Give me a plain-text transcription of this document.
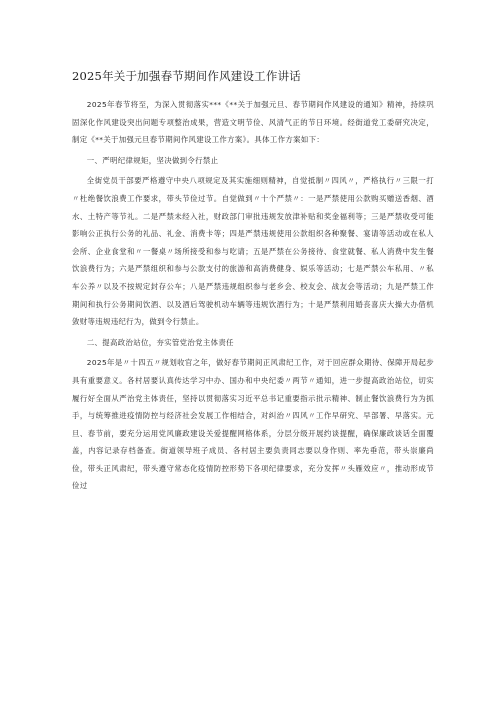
2025年关于加强春节期间作风建设工作讲话

2025年春节将至，为深入贯彻落实***《**关于加强元旦、春节期间作风建设的通知》精神，持续巩固深化作风建设突出问题专项整治成果，营造文明节俭、风清气正的节日环境。经街道党工委研究决定，制定《**关于加强元旦春节期间作风建设工作方案》。具体工作方案如下：

一、严明纪律规矩，坚决做到令行禁止

全街党员干部要严格遵守中央八项规定及其实施细则精神，自觉抵制〃四风〃，严格执行〃三限一打〃杜绝餐饮浪费工作要求，带头节俭过节。自觉做到〃十个严禁〃：一是严禁使用公款购买赠送香烟、酒水、土特产等节礼。二是严禁未经入社，财政部门审批违规发放津补贴和奖金福利等；三是严禁收受可能影响公正执行公务的礼品、礼金、消费卡等；四是严禁违规使用公款组织各种聚餐、宴请等活动或在私人会所、企业食堂和〃一餐桌〃场所接受和参与吃请；五是严禁在公务接待、食堂就餐、私人消费中发生餐饮浪费行为；六是严禁组织和参与公款支付的旅游和高消费健身、娱乐等活动；七是严禁公车私用、〃私车公养〃以及不按规定封存公车；八是严禁违规组织参与老乡会、校友会、战友会等活动；九是严禁工作期间和执行公务期间饮酒、以及酒后驾驶机动车辆等违规饮酒行为；十是严禁利用婚丧喜庆大操大办借机敛财等违规违纪行为，做到令行禁止。

二、提高政治站位，夯实管党治党主体责任

2025年是〃十四五〃规划收官之年，做好春节期间正风肃纪工作，对于回应群众期待、保障开局起步具有重要意义。各村居要认真传达学习中办、国办和中央纪委〃两节〃通知，进一步提高政治站位，切实履行好全面从严治党主体责任，坚持以贯彻落实习近平总书记重要指示批示精神、制止餐饮浪费行为为抓手，与统筹推进疫情防控与经济社会发展工作相结合，对纠治〃四风〃工作早研究、早部署、早落实。元旦、春节前，要充分运用党风廉政建设关爱提醒网格体系，分层分级开展约谈提醒，确保廉政谈话全面覆盖，内容记录存档备查。街道领导班子成员、各村居主要负责同志要以身作则、率先垂范，带头崇廉尚俭，带头正风肃纪，带头遵守常态化疫情防控形势下各项纪律要求，充分发挥〃头雁效应〃，推动形成节俭过
